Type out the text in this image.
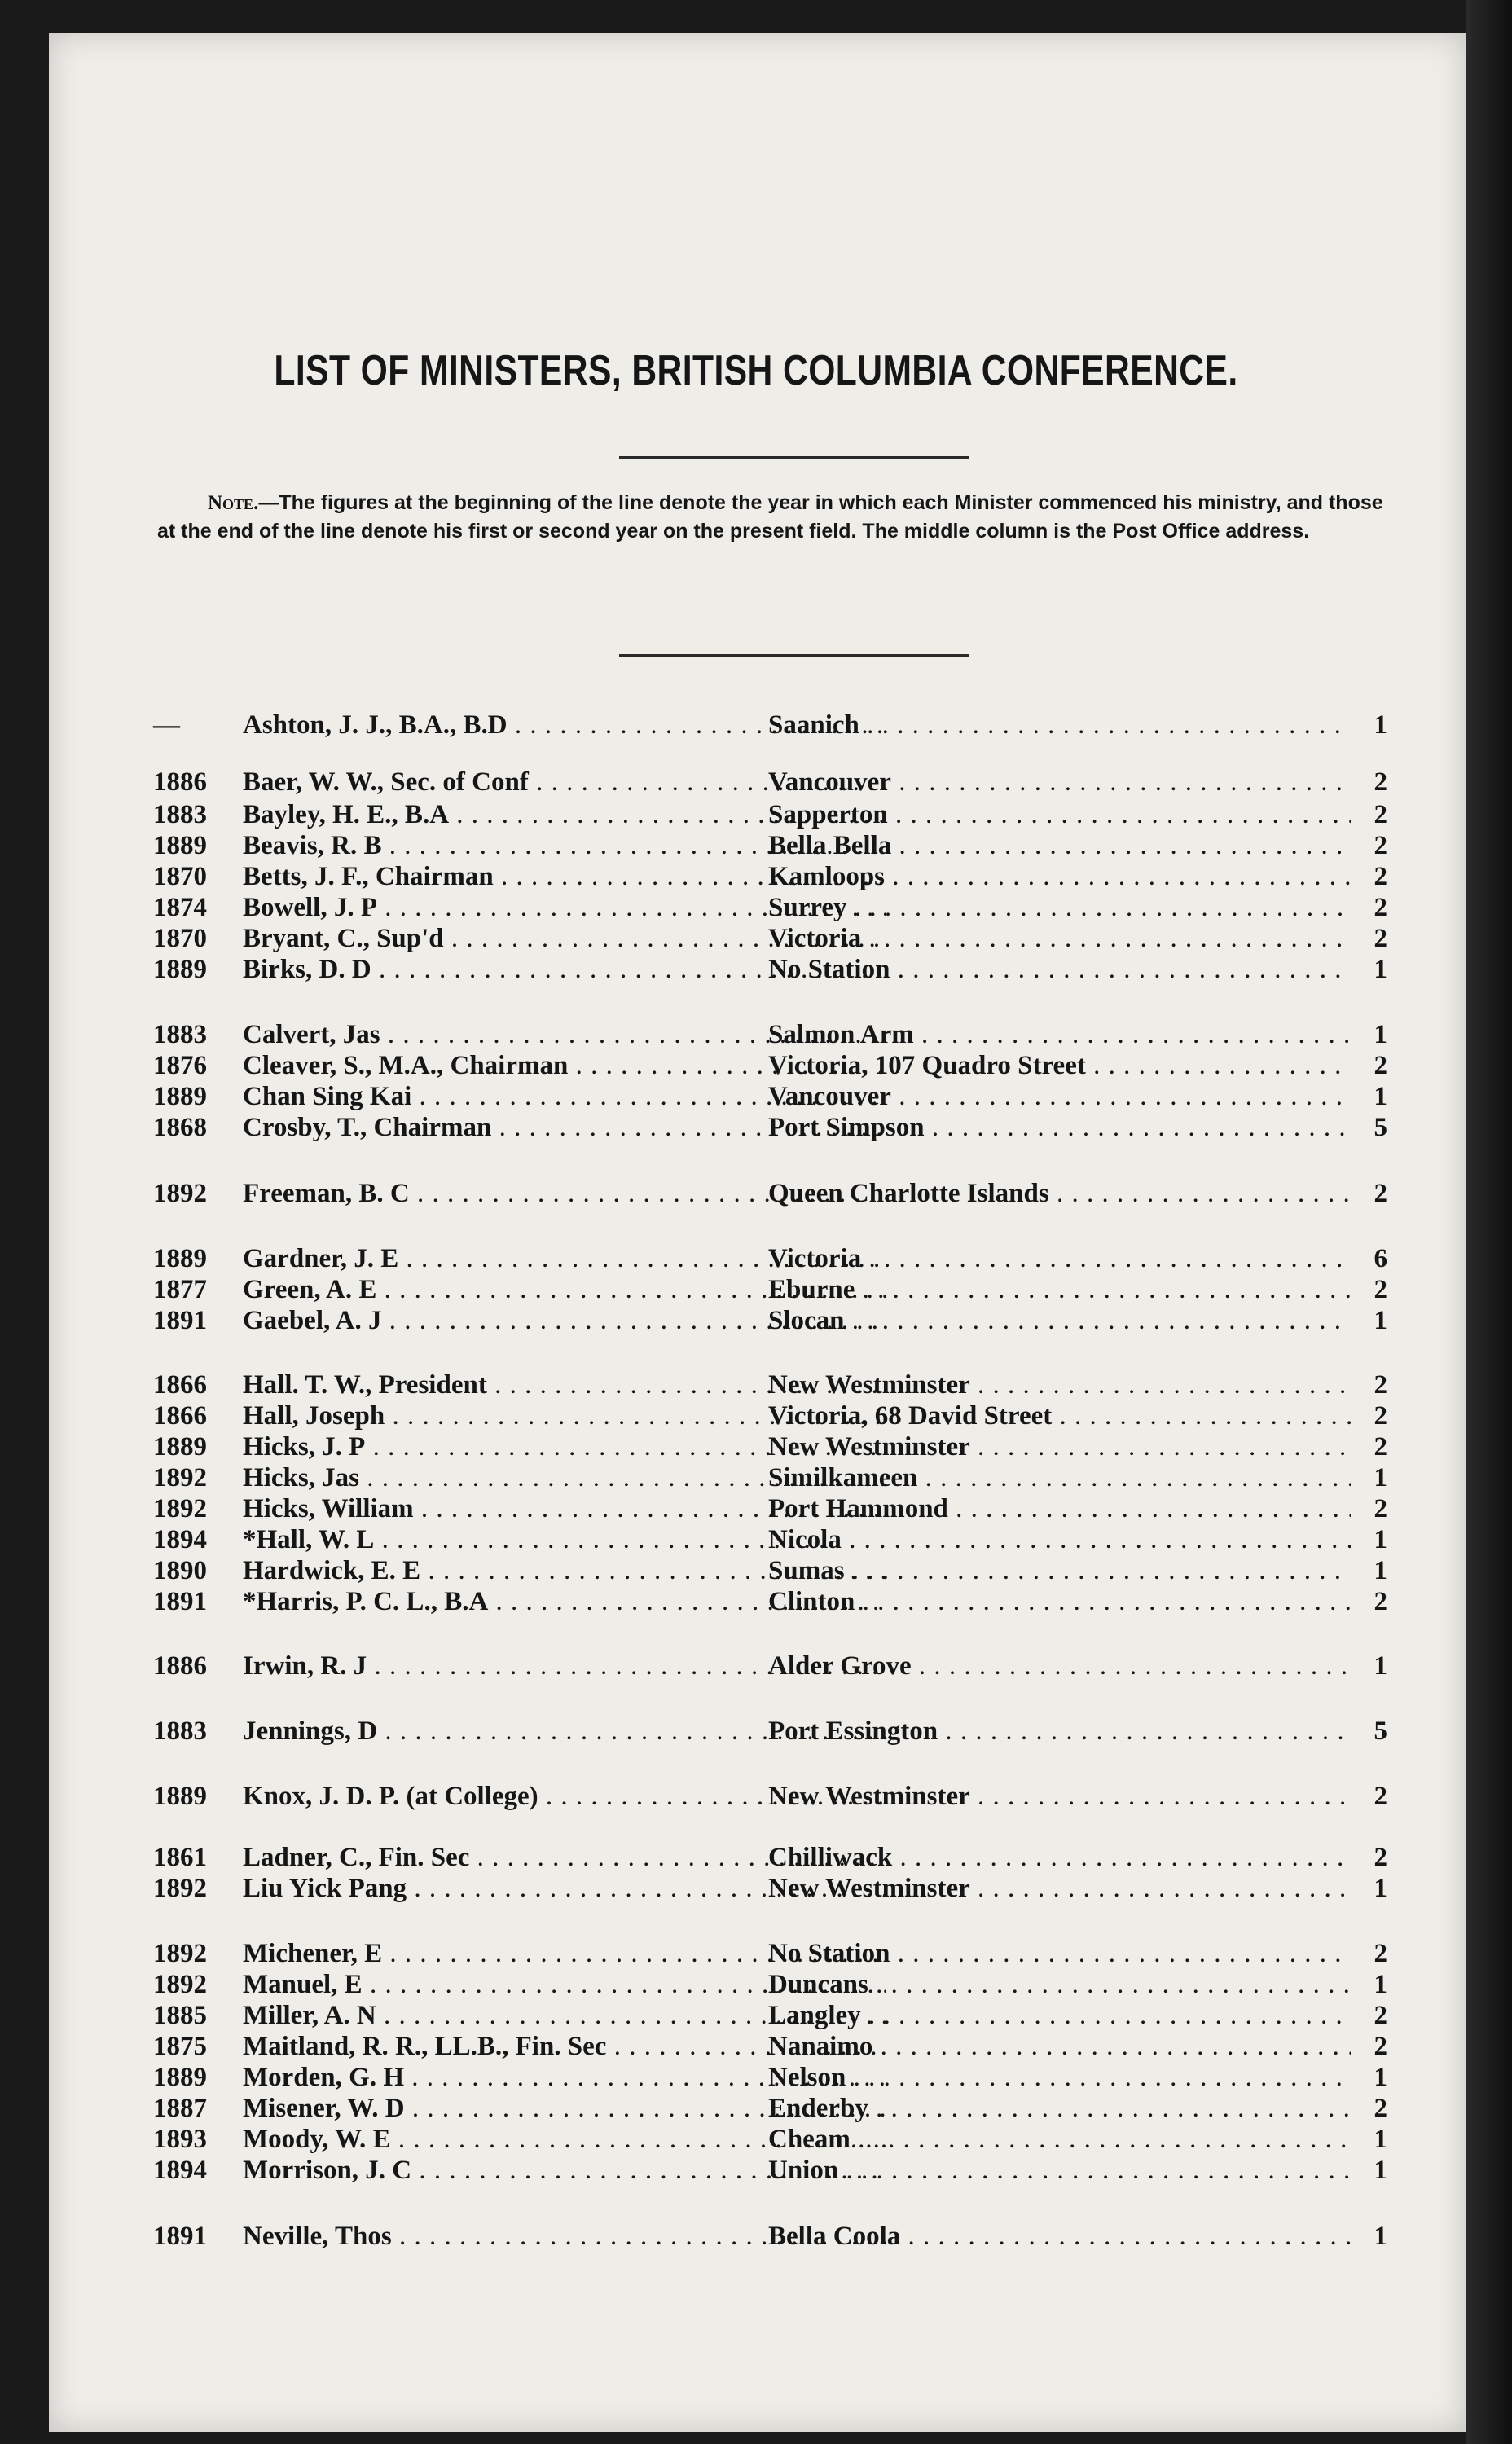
LIST OF MINISTERS, BRITISH COLUMBIA CONFERENCE.
Note.—The figures at the beginning of the line denote the year in which each Minister commenced his ministry, and those at the end of the line denote his first or second year on the present field. The middle column is the Post Office address.
—	Ashton, J. J., B.A., B.D . . .	Saanich . . .	1
1886	Baer, W. W., Sec. of Conf . . .	Vancouver . . .	2
1883	Bayley, H. E., B.A . . .	Sapperton . . .	2
1889	Beavis, R. B . . .	Bella Bella . . .	2
1870	Betts, J. F., Chairman . . .	Kamloops . . .	2
1874	Bowell, J. P . . .	Surrey . . .	2
1870	Bryant, C., Sup'd . . .	Victoria . . .	2
1889	Birks, D. D . . .	No Station . . .	1
1883	Calvert, Jas . . .	Salmon Arm . . .	1
1876	Cleaver, S., M.A., Chairman . . .	Victoria, 107 Quadro Street . . .	2
1889	Chan Sing Kai . . .	Vancouver . . .	1
1868	Crosby, T., Chairman . . .	Port Simpson . . .	5
1892	Freeman, B. C . . .	Queen Charlotte Islands . . .	2
1889	Gardner, J. E . . .	Victoria . . .	6
1877	Green, A. E . . .	Eburne . . .	2
1891	Gaebel, A. J . . .	Slocan . . .	1
1866	Hall. T. W., President . . .	New Westminster . . .	2
1866	Hall, Joseph . . .	Victoria, 68 David Street . . .	2
1889	Hicks, J. P . . .	New Westminster . . .	2
1892	Hicks, Jas . . .	Similkameen . . .	1
1892	Hicks, William . . .	Port Hammond . . .	2
1894	*Hall, W. L . . .	Nicola . . .	1
1890	Hardwick, E. E . . .	Sumas . . .	1
1891	*Harris, P. C. L., B.A . . .	Clinton . . .	2
1886	Irwin, R. J . . .	Alder Grove . . .	1
1883	Jennings, D . . .	Port Essington . . .	5
1889	Knox, J. D. P. (at College) . . .	New Westminster . . .	2
1861	Ladner, C., Fin. Sec . . .	Chilliwack . . .	2
1892	Liu Yick Pang . . .	New Westminster . . .	1
1892	Michener, E . . .	No Station . . .	2
1892	Manuel, E . . .	Duncans . . .	1
1885	Miller, A. N . . .	Langley . . .	2
1875	Maitland, R. R., LL.B., Fin. Sec . . .	Nanaimo . . .	2
1889	Morden, G. H . . .	Nelson . . .	1
1887	Misener, W. D . . .	Enderby . . .	2
1893	Moody, W. E . . .	Cheam . . .	1
1894	Morrison, J. C . . .	Union . . .	1
1891	Neville, Thos . . .	Bella Coola . . .	1
